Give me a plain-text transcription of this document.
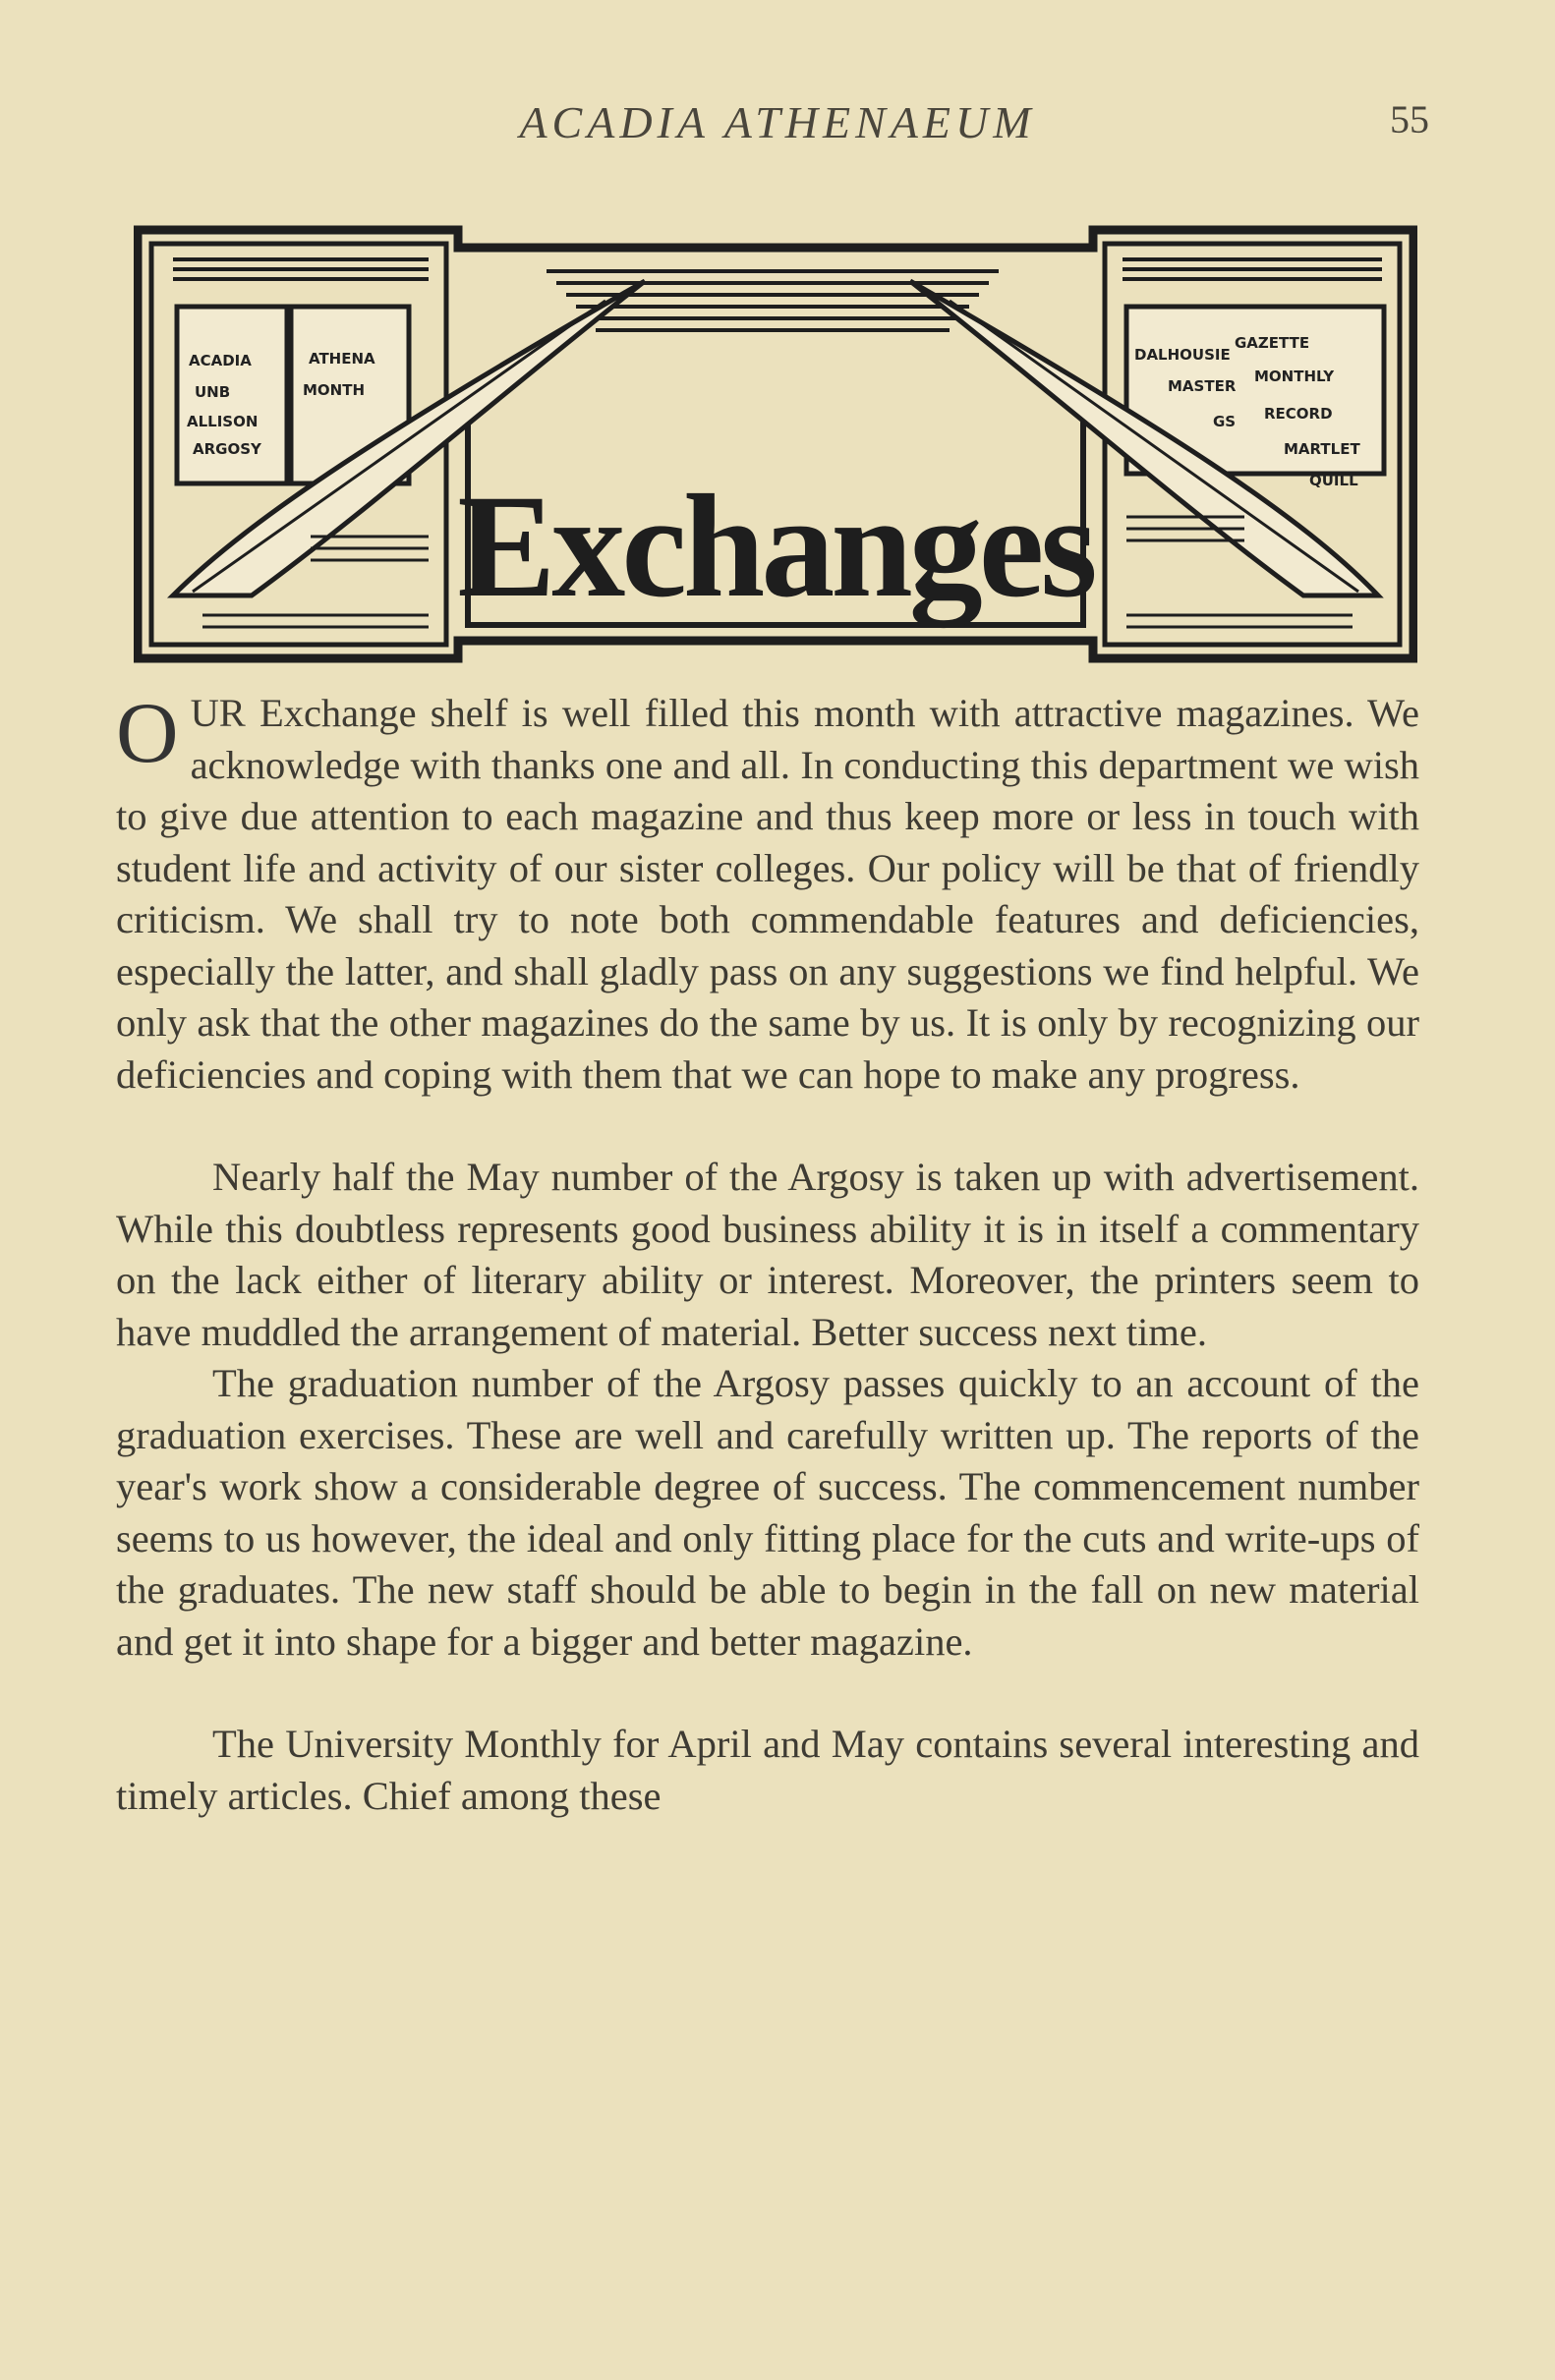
ACADIA ATHENAEUM	55
ACADIA
UNB
ALLISON
ARGOSY
ATHENA
MONTH
DALHOUSIE
GAZETTE
MASTER
MONTHLY
GS RECORD
MARTLET
QUILL
Exchanges

OUR Exchange shelf is well filled this month with attractive magazines. We acknowledge with thanks one and all. In conducting this department we wish to give due attention to each magazine and thus keep more or less in touch with student life and activity of our sister colleges. Our policy will be that of friendly criticism. We shall try to note both commendable features and deficiencies, especially the latter, and shall gladly pass on any suggestions we find helpful. We only ask that the other magazines do the same by us. It is only by recognizing our deficiencies and coping with them that we can hope to make any progress.

Nearly half the May number of the Argosy is taken up with advertisement. While this doubtless represents good business ability it is in itself a commentary on the lack either of literary ability or interest. Moreover, the printers seem to have muddled the arrangement of material. Better success next time.

The graduation number of the Argosy passes quickly to an account of the graduation exercises. These are well and carefully written up. The reports of the year's work show a considerable degree of success. The commencement number seems to us however, the ideal and only fitting place for the cuts and write-ups of the graduates. The new staff should be able to begin in the fall on new material and get it into shape for a bigger and better magazine.

The University Monthly for April and May contains several interesting and timely articles. Chief among these
